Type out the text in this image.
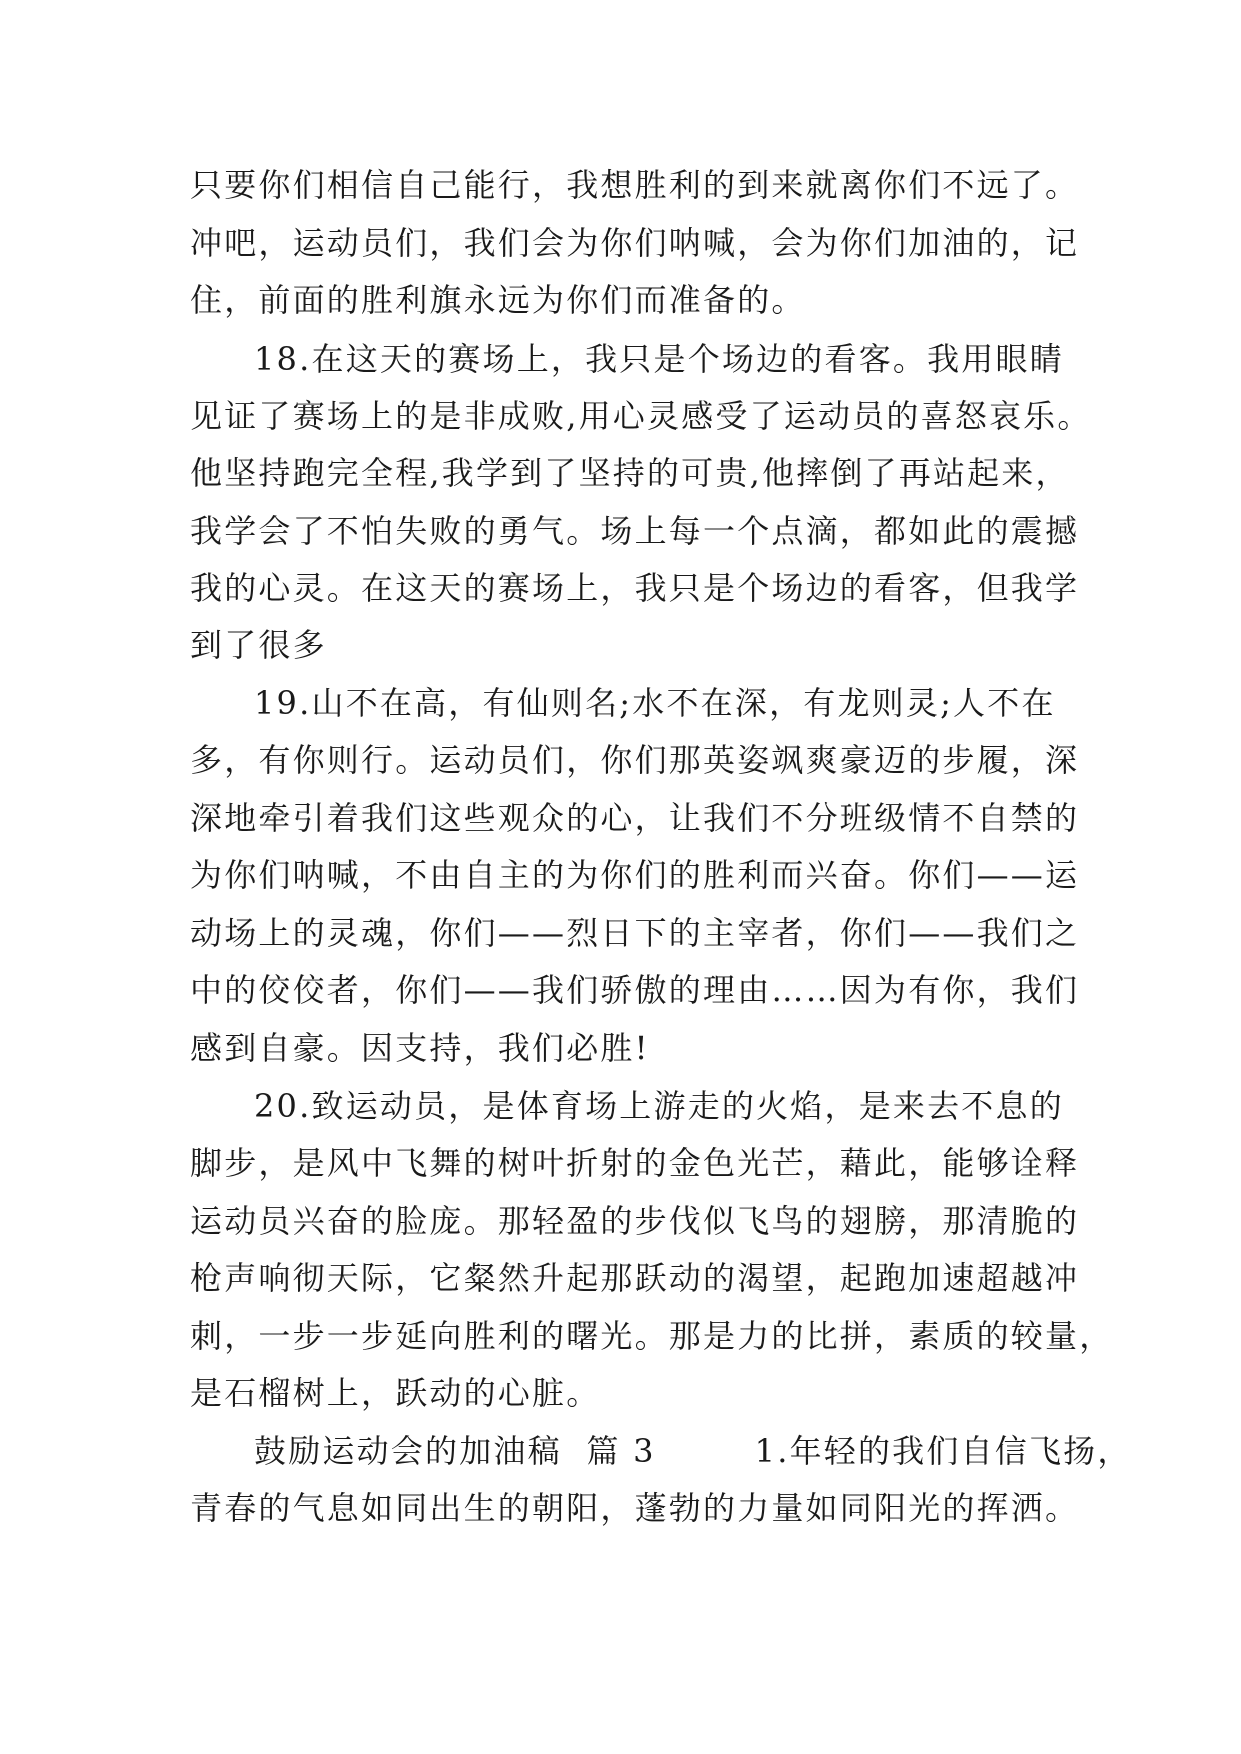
只要你们相信自己能行，我想胜利的到来就离你们不远了。
冲吧，运动员们，我们会为你们呐喊，会为你们加油的，记
住，前面的胜利旗永远为你们而准备的。
18.在这天的赛场上，我只是个场边的看客。我用眼睛
见证了赛场上的是非成败,用心灵感受了运动员的喜怒哀乐。
他坚持跑完全程,我学到了坚持的可贵,他摔倒了再站起来，
我学会了不怕失败的勇气。场上每一个点滴，都如此的震撼
我的心灵。在这天的赛场上，我只是个场边的看客，但我学
到了很多
19.山不在高，有仙则名;水不在深，有龙则灵;人不在
多，有你则行。运动员们，你们那英姿飒爽豪迈的步履，深
深地牵引着我们这些观众的心，让我们不分班级情不自禁的
为你们呐喊，不由自主的为你们的胜利而兴奋。你们——运
动场上的灵魂，你们——烈日下的主宰者，你们——我们之
中的佼佼者，你们——我们骄傲的理由……因为有你，我们
感到自豪。因支持，我们必胜!
20.致运动员，是体育场上游走的火焰，是来去不息的
脚步，是风中飞舞的树叶折射的金色光芒，藉此，能够诠释
运动员兴奋的脸庞。那轻盈的步伐似飞鸟的翅膀，那清脆的
枪声响彻天际，它粲然升起那跃动的渴望，起跑加速超越冲
刺，一步一步延向胜利的曙光。那是力的比拼，素质的较量，
是石榴树上，跃动的心脏。
鼓励运动会的加油稿  篇 3        1.年轻的我们自信飞扬，
青春的气息如同出生的朝阳，蓬勃的力量如同阳光的挥洒。
